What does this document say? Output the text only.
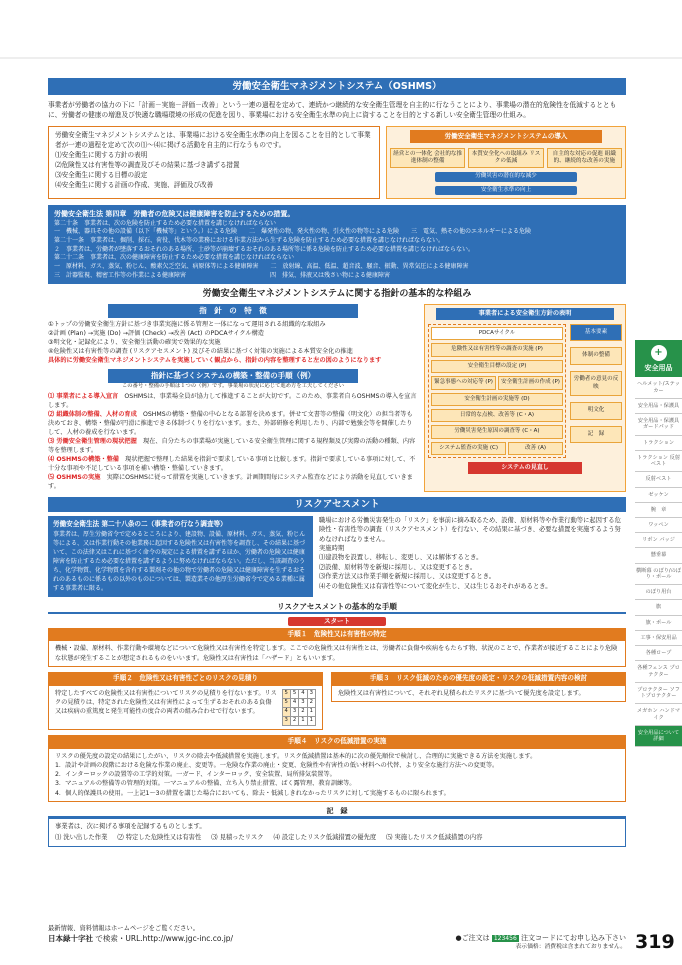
労働安全衛生マネジメントシステム（OSHMS）
事業者が労働者の協力の下に「計画－実施－評価－改善」という一連の過程を定めて、連続かつ継続的な安全衛生管理を自主的に行なうことにより、事業場の潜在的危険性を低減するとともに、労働者の健康の増進及び快適な職場環境の形成の促進を図り、事業場における安全衛生水準の向上に資することを目的とする新しい安全衛生管理の仕組み。
労働安全衛生マネジメントシステムとは、事業場における安全衛生水準の向上を図ることを目的として事業者が一連の過程を定めて次の⑴～⑷に掲げる活動を自主的に行なうものです。
⑴安全衛生に関する方針の表明
⑵危険性又は有害性等の調査及びその結果に基づき講ずる措置
⑶安全衛生に関する目標の設定
⑷安全衛生に関する計画の作成、実施、評価及び改善
労働安全衛生マネジメントシステムの導入
経営との一体化 会社的な推進体制の整備
本質安全化への取組み リスクの低減
自主的な対応の促進 組織的、継続的な改善の実施
労働災害の潜在的な減少
安全衛生水準の向上
労働安全衛生法 第四章　労働者の危険又は健康障害を防止するための措置。
第二十条　事業者は、次の危険を防止するため必要な措置を講じなければならない
一　機械、器具その他の設備（以下「機械等」という。）による危険　　二　爆発性の物、発火性の物、引火性の物等による危険　　三　電気、熱その他のエネルギーによる危険
第二十一条　事業者は、掘削、採石、荷役、伐木等の業務における作業方法から生ずる危険を防止するため必要な措置を講じなければならない。
２　事業者は、労働者が墜落するおそれのある場所、土砂等が崩壊するおそれのある場所等に係る危険を防止するため必要な措置を講じなければならない。
第二十二条　事業者は、次の健康障害を防止するため必要な措置を講じなければならない
一　原材料、ガス、蒸気、粉じん、酸素欠乏空気、病原体等による健康障害　　二　放射線、高温、低温、超音波、騒音、振動、異常気圧による健康障害
三　計器監視、精密工作等の作業による健康障害　　　　　　　　　　　　　　四　排気、排液又は残さい物による健康障害
労働安全衛生マネジメントシステムに関する指針の基本的な枠組み
指　針　の　特　徴
①トップの労働安全衛生方針に基づき事業実施に係る管理と一体になって運用される組織的な取組み
②計画 (Plan) →実施 (Do) →評価 (Check) →改善 (Act) のPDCAサイクル構造
③明文化・記録化により、安全衛生活動の確実で効果的な実施
④危険性又は有害性等の調査 (リスクアセスメント) 及びその結果に基づく対策の実施による本質安全化の推進
具体的に労働安全衛生マネジメントシステムを実施していく観点から、指針の内容を整理すると左の図のようになります
指針に基づくシステムの構築・整備の手順（例）
この番号・整備の手順は１つの（例）です。事業場の状況に応じて進め方を工夫してください
⑴ 事業者による導入宣言　 OSHMSは、事業場全員が協力して推進することが大切です。このため、事業者自らOSHMSの導入を宣言します。
⑵ 組織体制の整備、人材の育成　 OSHMSの構築・整備の中心となる部署を決めます。併せて文書等の整備（明文化）の担当者等も決めておき、構築・整備が円滑に推進できる体制づくりを行ないます。また、外部研修を利用したり、内部で勉強会等を開催したりして、人材の養成を行ないます。
⑶ 労働安全衛生管理の現状把握　 現在、自分たちの事業場が実施している安全衛生管理に関する規程類及び実際の活動の種類、内容等を整理します。
⑷ OSHMSの構築・整備　 現状把握で整理した結果を指針で要求している事項と比較します。指針で要求している事項に対して、不十分な事項や不足している事項を補い構築・整備していきます。
⑸ OSHMSの実施　 実際にOSHMSに従って措置を実施していきます。計画期間毎にシステム監査などにより活動を見直していきます。
事業者による安全衛生方針の表明
PDCAサイクル
危険性又は有害性等の調査の実施 (P)
安全衛生目標の設定 (P)
緊急事態への対応等 (P)	安全衛生計画の作成 (P)
安全衛生計画の実施等 (D)
日常的な点検、改善等 (C・A)
労働災害発生原因の調査等 (C・A)
システム監査の実施 (C)	改善 (A)
基本要素
体制の整備
労働者の意見の反映
明文化
記　録
システムの見直し
リスクアセスメント
労働安全衛生法 第二十八条の二（事業者の行なう調査等）
事業者は、厚生労働省令で定めるところにより、建設物、設備、原材料、ガス、蒸気、粉じん等による、又は作業行動その他業務に起因する危険性又は有害性等を調査し、その結果に基づいて、この法律又はこれに基づく命令の規定による措置を講ずるほか、労働者の危険又は健康障害を防止するため必要な措置を講ずるように努めなければならない。ただし、当該調査のうち、化学物質、化学物質を含有する製剤その他の物で労働者の危険又は健康障害を生ずるおそれのあるものに係るもの以外のものについては、製造業その他厚生労働省令で定める業種に属する事業者に限る。
職場における労働災害発生の「リスク」を事前に摘み取るため、設備、原材料等や作業行動等に起因する危険性・有害性等の調査（リスクアセスメント）を行ない、その結果に基づき、必要な措置を実施するよう努めなければなりません。
実施時期
⑴建設物を設置し、移転し、変更し、又は解体するとき。
⑵設備、原材料等を新規に採用し、又は変更するとき。
⑶作業方法又は作業手順を新規に採用し、又は変更するとき。
⑷その他危険性又は有害性等について変化が生じ、又は生じるおそれがあるとき。
リスクアセスメントの基本的な手順
スタート
手順１　危険性又は有害性の特定
機械・設備、原材料、作業行動や環境などについて危険性又は有害性を特定します。ここでの危険性又は有害性とは、労働者に負傷や疾病をもたらす物、状況のことで、作業者が接近することにより危険な状態が発生することが想定されるものをいいます。危険性又は有害性は「ハザード」ともいいます。
手順２　危険性又は有害性ごとのリスクの見積り
特定したすべての危険性又は有害性についてリスクの見積りを行ないます。リスクの見積りは、特定された危険性又は有害性によって生ずるおそれのある負傷又は疾病の重篤度と発生可能性の度合の両者の組み合わせで行ないます。
5	5	4	3
5	4	3	2
4	3	2	1
3	2	1	1
手順３　リスク低減のための優先度の設定・リスクの低減措置内容の検討
危険性又は有害性について、それぞれ見積られたリスクに基づいて優先度を設定します。
手順４　リスクの低減措置の実施
リスクの優先度の設定の結果にしたがい、リスクの除去や低減措置を実施します。リスク低減措置は基本的に次の優先順位で検討し、合理的に実施できる方法を実施します。
1．設計や計画の段階における危険な作業の廃止、変更等。一危険な作業の廃止・変更、危険性や有害性の低い材料への代替、より安全な施行方法への変更等。
2．インターロックの設置等の工学的対策。一ガード、インターロック、安全装置、局所排気装置等。
3．マニュアルの整備等の管理的対策。一マニュアルの整備、立ち入り禁止措置、ばく露管理、教育訓練等。
4．個人的保護具の使用。一上記1～3の措置を講じた場合においても、除去・低減しきれなかったリスクに対して実施するものに限られます。
記　録
事業者は、次に掲げる事項を記録するものとします。
⑴ 洗い出した作業 ⑵ 特定した危険性又は有害性 ⑶ 見積ったリスク ⑷ 設定したリスク低減措置の優先度 ⑸ 実施したリスク低減措置の内容
+
安全用品
ヘルメット/ステッカー
安全用品・保護具
安全用品・保護具 ガードパッド
トラクション
トラクション 反射ベスト
反射ベスト
ゼッケン
腕　章
ワッペン
リボン バッジ
懸垂幕
横断幕 のぼり/のぼり・ポール
のぼり用台
旗
旗・ポール
工事・保安用品
各種ロープ
各種フェンス プロテクター
プロテクター ソフトプロテクター
メガホン ハンドマイク
安全用品について詳細
最新情報、資料情報はホームページをご覧ください。
日本緑十字社 で検索・URL.http://www.jgc-inc.co.jp/	●ご注文は 123456 注文コードにてお申し込み下さい
表示価格：消費税は含まれておりません。 319
